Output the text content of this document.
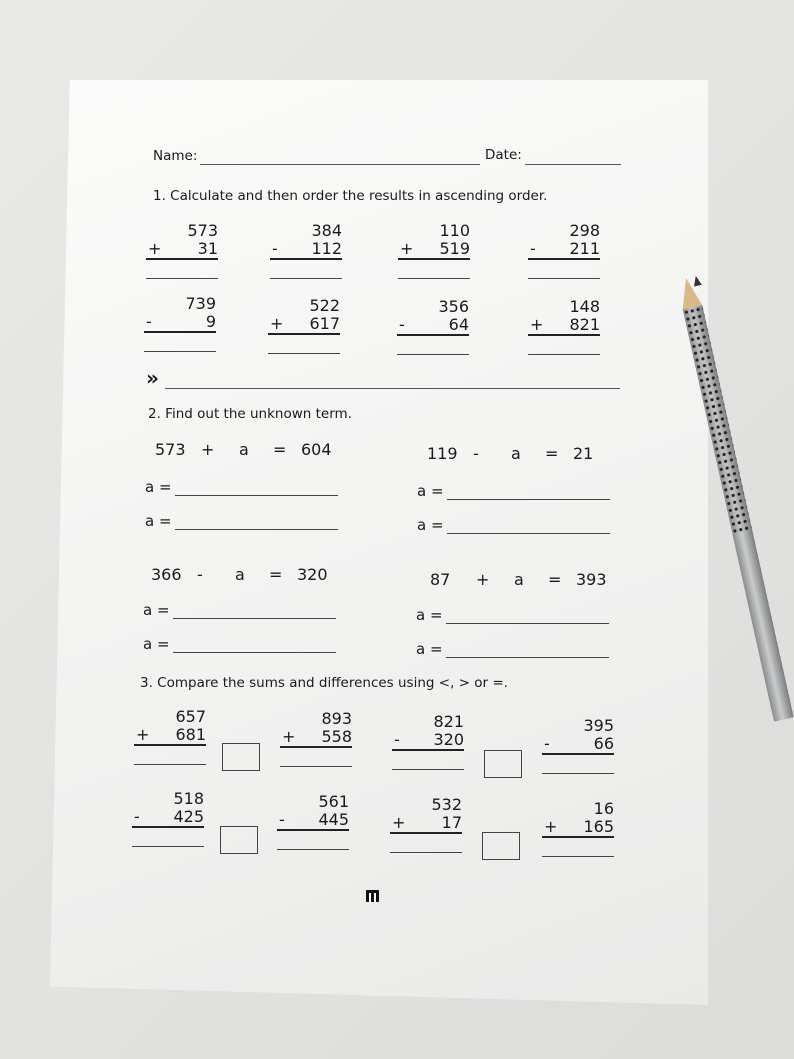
Name:	Date:
1. Calculate and then order the results in ascending order.
573
+ 31
384
- 112
110
+ 519
298
- 211
739
-	9
522
+ 617
356
-	64
148
+ 821
»
2. Find out the unknown term.
573 +	a	= 604
a =
a =
119 -	a	= 21
a =
a =
366 -	a	= 320
a =
a =
87	+	a	= 393
a =
a =
3. Compare the sums and differences using <, > or =.
657
+ 681
893
+ 558
821
- 320
395
-	66
518
- 425
561
- 445
532
+ 17
16
+ 165
